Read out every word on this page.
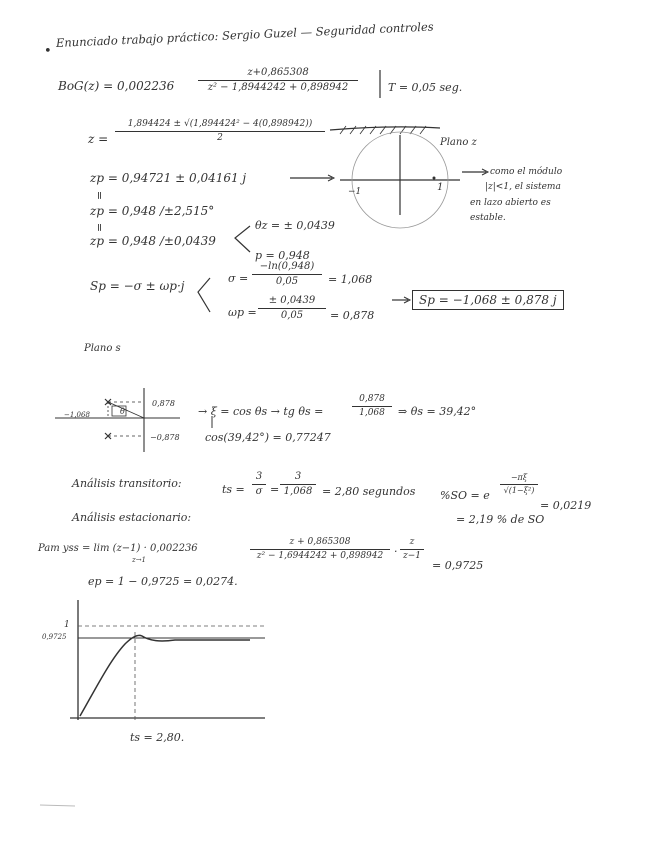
•
Enunciado trabajo práctico: Sergio Guzel — Seguridad controles
BoG(z) = 0,002236
z+0,865308
z² − 1,8944242 + 0,898942	T = 0,05 seg.
z =
1,894424 ± √(1,894424² − 4(0,898942))
2	Plano z
zp = 0,94721 ± 0,04161 j
=
zp = 0,948 /±2,515°
=
zp = 0,948 /±0,0439
θz = ± 0,0439
p = 0,948
como el módulo
|z|<1, el sistema
en lazo abierto es
estable.
Sp = −σ ± ωp·j
σ =
−ln(0,948)
0,05	= 1,068
ωp =
± 0,0439
0,05 = 0,878
Sp = −1,068 ± 0,878 j
Plano s
0,878
−0,878
−1,068	θ	→ ξ = cos θs → tg θs =
0,878
1,068 ⇒ θs = 39,42°
cos(39,42°) = 0,77247
Análisis transitorio:	ts =
3
σ =
3
1,068 = 2,80 segundos %SO = e
−πξ
√(1−ξ²)
= 0,0219
= 2,19 % de SO
Análisis estacionario:
Pam yss = lim (z−1) · 0,002236
z→1
z + 0,865308
z² − 1,6944242 + 0,898942 ·
z
z−1
= 0,9725
ep = 1 − 0,9725 = 0,0274.
1
0,9725
ts = 2,80.
−1	1
